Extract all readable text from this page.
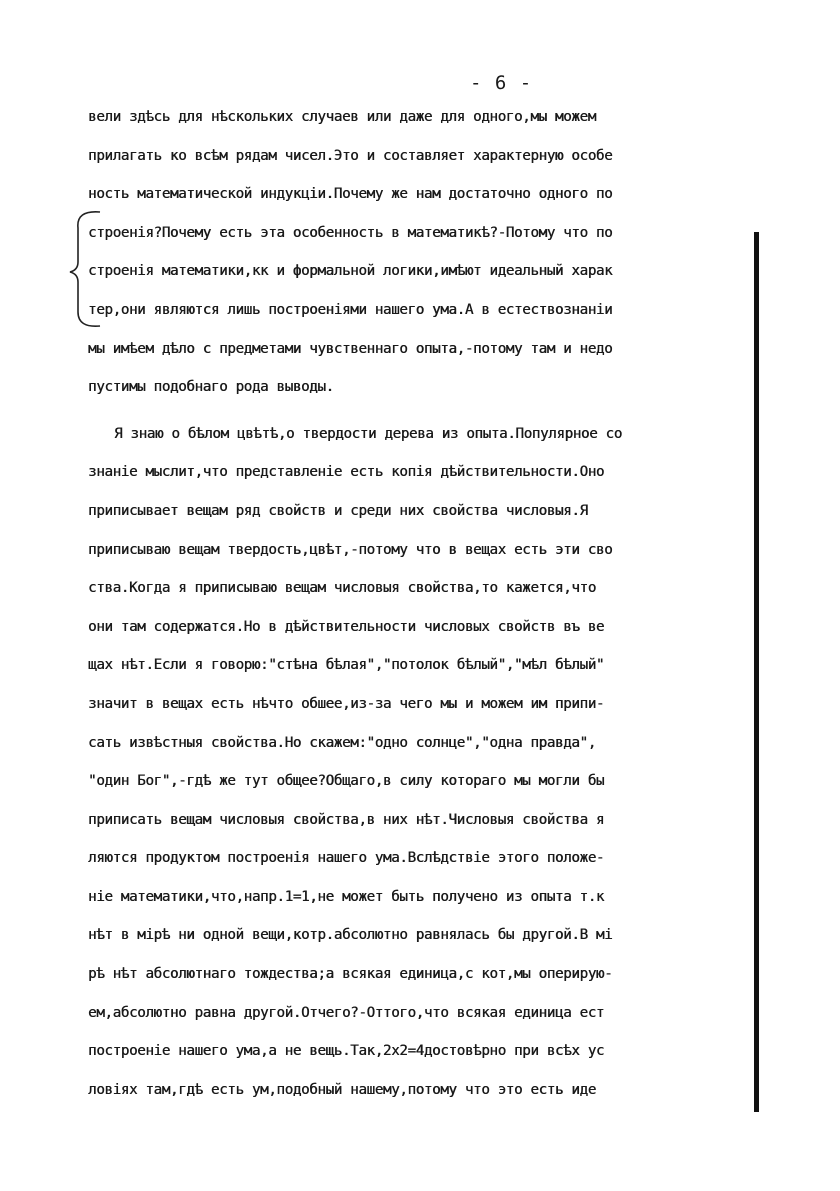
- 6 -
вели здѣсь для нѣскольких случаев или даже для одного,мы можем
прилагать ко всѣм рядам чисел.Это и составляет характерную особе
ность математической индукціи.Почему же нам достаточно одного по
строенія?Почему есть эта особенность в математикѣ?-Потому что по
строенія математики,кк и формальной логики,имѣют идеальный харак
тер,они являются лишь построеніями нашего ума.А в естествознаніи
мы имѣем дѣло с предметами чувственнаго опыта,-потому там и недо
пустимы подобнаго рода выводы.
Я знаю о бѣлом цвѣтѣ,о твердости дерева из опыта.Популярное со
знаніе мыслит,что представленіе есть копія дѣйствительности.Оно
приписывает вещам ряд свойств и среди них свойства числовыя.Я
приписываю вещам твердость,цвѣт,-потому что в вещах есть эти сво
ства.Когда я приписываю вещам числовыя свойства,то кажется,что
они там содержатся.Но в дѣйствительности числовых свойств въ ве
щах нѣт.Если я говорю:"стѣна бѣлая","потолок бѣлый","мѣл бѣлый"
значит в вещах есть нѣчто обшее,из-за чего мы и можем им припи-
сать извѣстныя свойства.Но скажем:"одно солнце","одна правда",
"один Бог",-гдѣ же тут общее?Общаго,в силу котораго мы могли бы
приписать вещам числовыя свойства,в них нѣт.Числовыя свойства я
ляются продуктом построенія нашего ума.Вслѣдствіе этого положе-
ніе математики,что,напр.1=1,не может быть получено из опыта т.к
нѣт в мірѣ ни одной вещи,котр.абсолютно равнялась бы другой.В мі
рѣ нѣт абсолютнаго тождества;а всякая единица,с кот,мы оперирую-
ем,абсолютно равна другой.Отчего?-Оттого,что всякая единица ест
построеніе нашего ума,а не вещь.Так,2х2=4достовѣрно при всѣх ус
ловіях там,гдѣ есть ум,подобный нашему,потому что это есть иде
